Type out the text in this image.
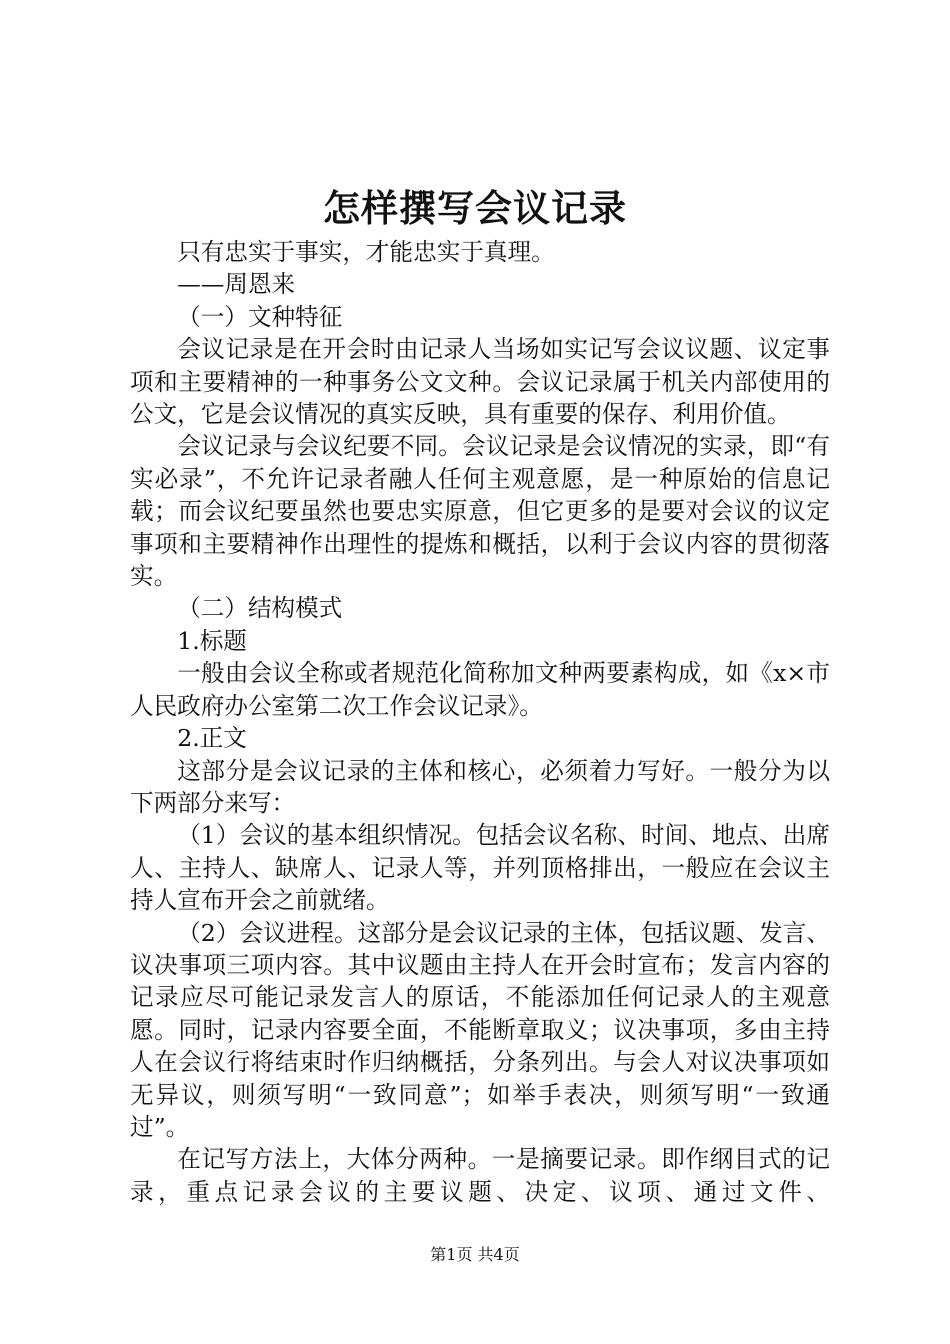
怎样撰写会议记录

只有忠实于事实，才能忠实于真理。

——周恩来

（一）文种特征

会议记录是在开会时由记录人当场如实记写会议议题、议定事项和主要精神的一种事务公文文种。会议记录属于机关内部使用的公文，它是会议情况的真实反映，具有重要的保存、利用价值。

会议记录与会议纪要不同。会议记录是会议情况的实录，即“有实必录”，不允许记录者融人任何主观意愿，是一种原始的信息记载；而会议纪要虽然也要忠实原意，但它更多的是要对会议的议定事项和主要精神作出理性的提炼和概括，以利于会议内容的贯彻落实。

（二）结构模式

1.标题

一般由会议全称或者规范化简称加文种两要素构成，如《x×市人民政府办公室第二次工作会议记录》。

2.正文

这部分是会议记录的主体和核心，必须着力写好。一般分为以下两部分来写：

（1）会议的基本组织情况。包括会议名称、时间、地点、出席人、主持人、缺席人、记录人等，并列顶格排出，一般应在会议主持人宣布开会之前就绪。

（2）会议进程。这部分是会议记录的主体，包括议题、发言、议决事项三项内容。其中议题由主持人在开会时宣布；发言内容的记录应尽可能记录发言人的原话，不能添加任何记录人的主观意愿。同时，记录内容要全面，不能断章取义；议决事项，多由主持人在会议行将结束时作归纳概括，分条列出。与会人对议决事项如无异议，则须写明“一致同意”；如举手表决，则须写明“一致通过”。

在记写方法上，大体分两种。一是摘要记录。即作纲目式的记录，重点记录会议的主要议题、决定、议项、通过文件、

第1页 共4页
